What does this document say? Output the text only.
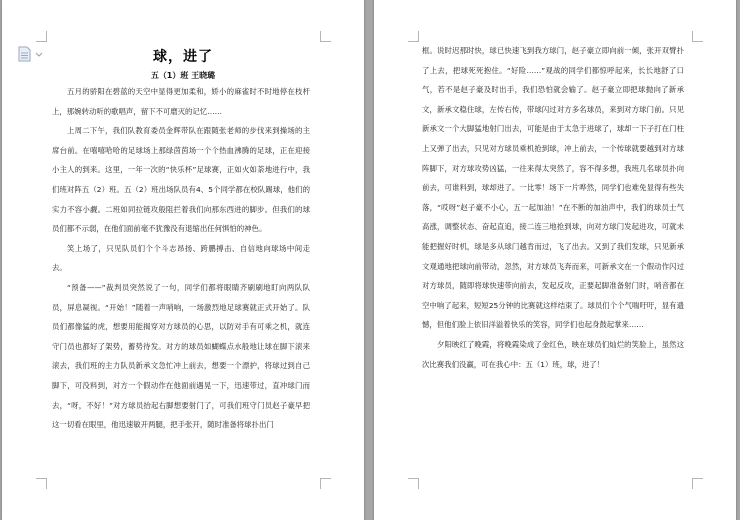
球，进了
五（1）班 王晓璐

五月的骄阳在碧蓝的天空中显得更加柔和，娇小的麻雀时不时地停在枝杆上，那婉转动听的歌唱声，留下不可磨灭的记忆……

上周二下午，我们队教育委员金辉带队在跟随张老师的步伐来到操场的主席台前。在嘻嘻哈哈的足球场上那绿茵茵场一个个热血沸腾的足球，正在迎接小主人的到来。这里，一年一次的“快乐杯”足球赛，正如火如荼地进行中，我们班对阵五（2）班。五（2）班出场队员有4、5个同学都在校队踢球，他们的实力不容小觑。二班如同拉链攻般阻拦着我们向那东西进的脚步。但我们的球员们都不示弱，在他们面前毫不犹豫没有退缩出任何惧怕的神色。

笑上场了，只见队员们个个斗志昂扬、跨鹏搏击、自信地向球场中间走去。

“预备——”裁判员突然说了一句，同学们都将眼睛齐刷刷地盯向两队队员，屏息凝视。“开始！”随着一声哨响，一场激烈地足球赛就正式开始了。队员们都像猛的虎，想要用能揭穿对方球员的心思，以防对手有可乘之机，就连守门员也都好了架势，蓄势待发。对方的球员如蝴蝶点水般地让球在脚下滚来滚去，我们班的主力队员新承文急忙冲上前去，想要一个漂护，将球过到自己脚下，可没料到，对方一个假动作在他面前遇晃一下，迅速带过，直冲球门而去，“呀，不好！”对方球员抬起右脚想要射门了，可我们班守门员赵子豪早把这一切看在眼里，他迅速敏开两腿，把手张开，随时准备将球扑出门

框。说时迟那时快，球已快速飞到我方球门，赵子豪立即向前一倾，张开双臂扑了上去，把球死死抱住。“好险……”观战的同学们都惊呼起来，长长地舒了口气，若不是赵子豪及时出手，我们恐怕就会输了。赵子豪立即把球抛向了新承文，新承文稳住球，左传右传，带球闪过对方多名球员，来到对方球门前。只见新承文一个大脚猛地射门出去，可能是由于太急于进球了，球却一下子打在门柱上又弹了出去，只见对方球员乘机抢到球，冲上前去，一个传球就要越到对方球阵脚下，对方球攻势凶猛，一往来得太突然了，容不得多想，我班几名球员扑向前去，可谁料到，球却进了。一比零！场下一片哗然，同学们也难免显得有些失落，“哎呀”赵子豪不小心，五一起加油！”在不断的加油声中，我们的球员士气高涨，调整状态、奋起直追，接二连三地抢到球，向对方球门发起进攻，可就未能把握好时机，球是多从球门越肯而过，飞了出去。又到了我们发球，只见新承文观通地把球向前带动，忽然，对方球员飞奔而来，可新承文在一个假动作闪过对方球员，随即将球快速带向前去，发起反攻，正要起脚准备射门时，哨音都在空中响了起来，短短25分钟的比赛就这样结束了。球员们个个气喘吁吁，显有遗憾，但他们脸上依旧洋溢着快乐的笑容，同学们也起身鼓起掌来……

夕阳映红了晚霞，将晚霞染成了金红色，映在球员们灿烂的笑脸上，虽然这次比赛我们没赢，可在我心中：五（1）班，球，进了！
